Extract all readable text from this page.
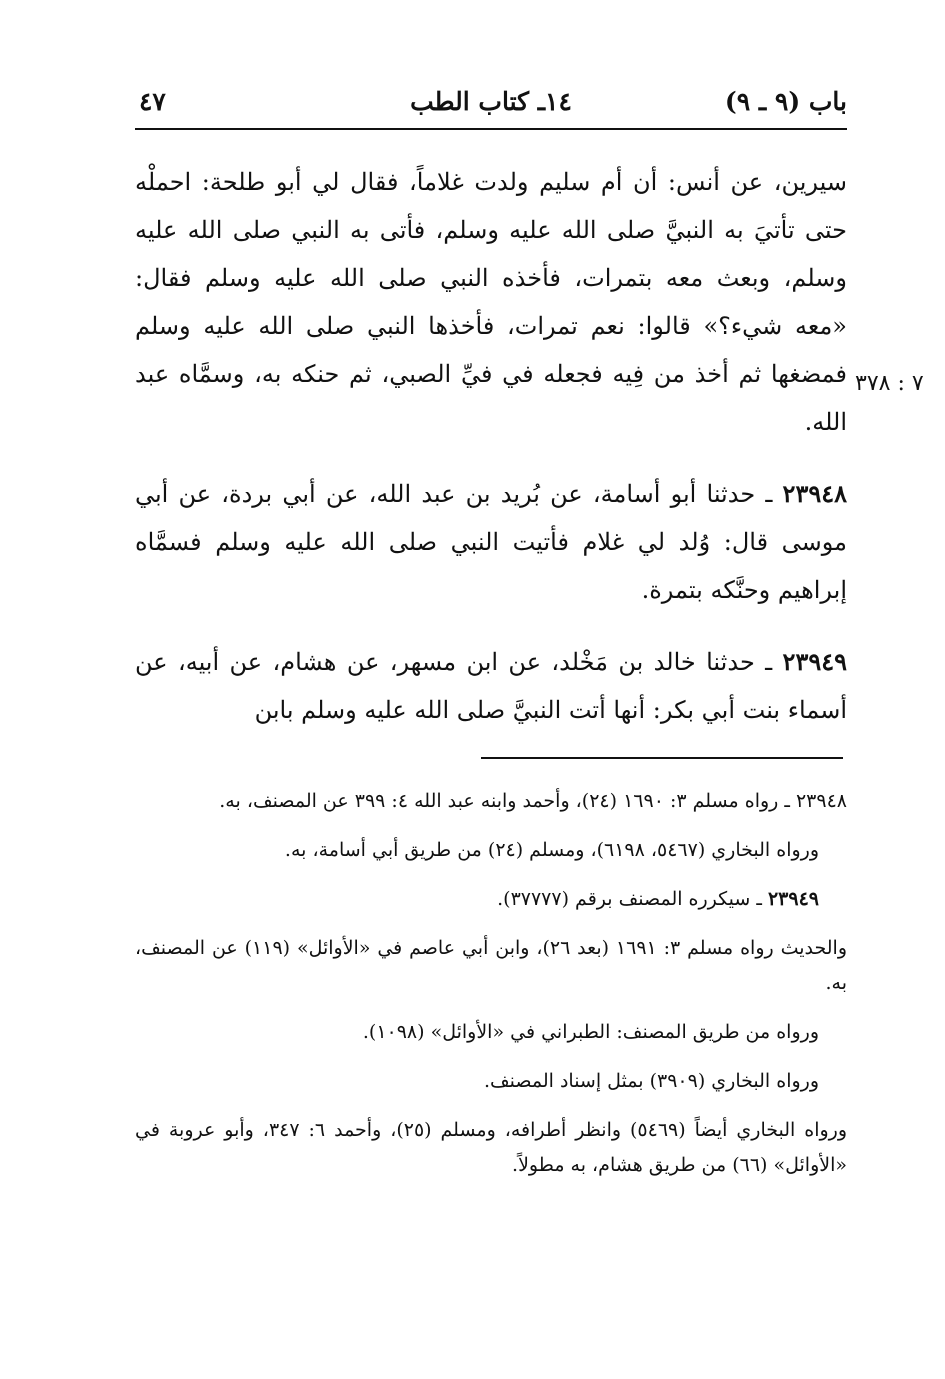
باب (٩ ـ ٩)
١٤ـ كتاب الطب
٤٧
٧ : ٣٧٨

سيرين، عن أنس: أن أم سليم ولدت غلاماً، فقال لي أبو طلحة: احملْه حتى تأتيَ به النبيَّ صلى الله عليه وسلم، فأتى به النبي صلى الله عليه وسلم، وبعث معه بتمرات، فأخذه النبي صلى الله عليه وسلم فقال: «معه شيء؟» قالوا: نعم تمرات، فأخذها النبي صلى الله عليه وسلم فمضغها ثم أخذ من فِيه فجعله في فيِّ الصبي، ثم حنكه به، وسمَّاه عبد الله.

٢٣٩٤٨ ـ حدثنا أبو أسامة، عن بُريد بن عبد الله، عن أبي بردة، عن أبي موسى قال: وُلد لي غلام فأتيت النبي صلى الله عليه وسلم فسمَّاه إبراهيم وحنَّكه بتمرة.

٢٣٩٤٩ ـ حدثنا خالد بن مَخْلد، عن ابن مسهر، عن هشام، عن أبيه، عن أسماء بنت أبي بكر: أنها أتت النبيَّ صلى الله عليه وسلم بابن

٢٣٩٤٨ ـ رواه مسلم ٣: ١٦٩٠ (٢٤)، وأحمد وابنه عبد الله ٤: ٣٩٩ عن المصنف، به.

ورواه البخاري (٥٤٦٧، ٦١٩٨)، ومسلم (٢٤) من طريق أبي أسامة، به.

٢٣٩٤٩ ـ سيكرره المصنف برقم (٣٧٧٧٧).

والحديث رواه مسلم ٣: ١٦٩١ (بعد ٢٦)، وابن أبي عاصم في «الأوائل» (١١٩) عن المصنف، به.

ورواه من طريق المصنف: الطبراني في «الأوائل» (١٠٩٨).

ورواه البخاري (٣٩٠٩) بمثل إسناد المصنف.

ورواه البخاري أيضاً (٥٤٦٩) وانظر أطرافه، ومسلم (٢٥)، وأحمد ٦: ٣٤٧، وأبو عروبة في «الأوائل» (٦٦) من طريق هشام، به مطولاً.
